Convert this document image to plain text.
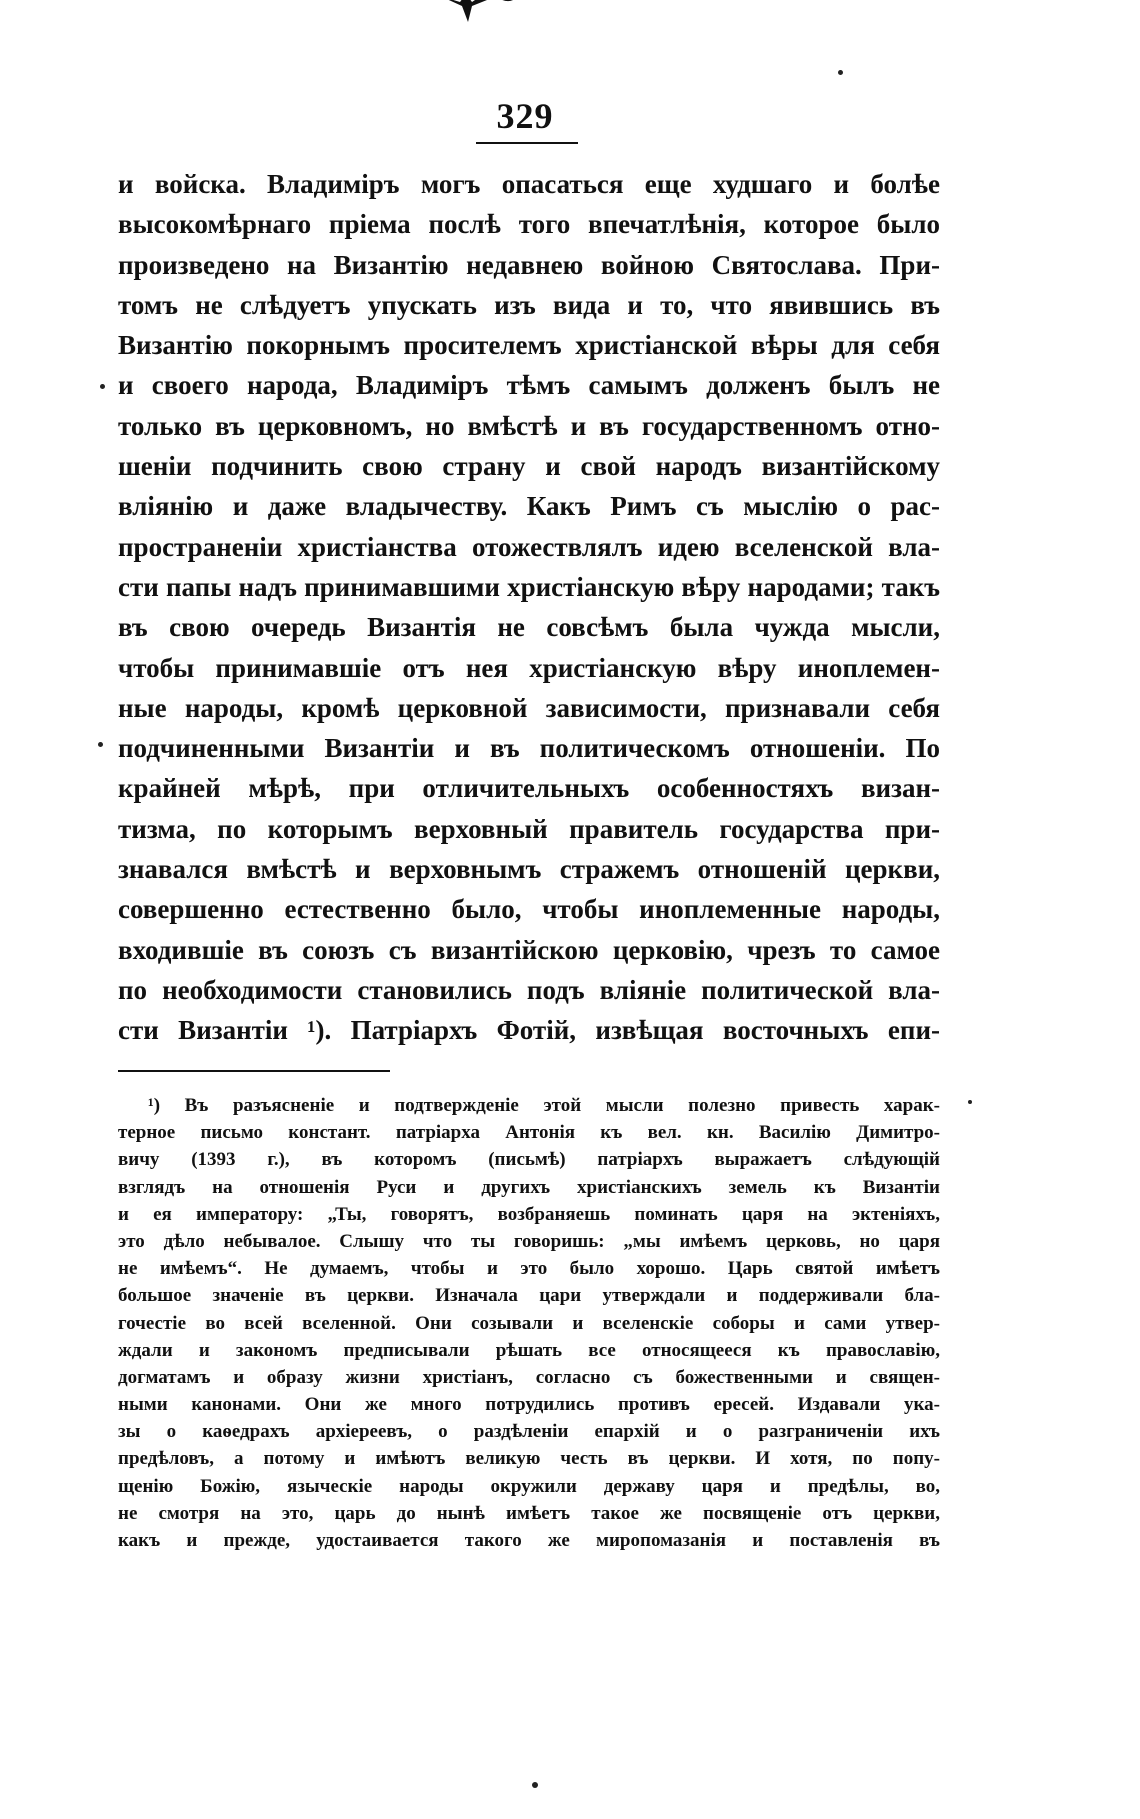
329
и войска. Владиміръ могъ опасаться еще худшаго и болѣе
высокомѣрнаго пріема послѣ того впечатлѣнія, которое было
произведено на Византію недавнею войною Святослава. При-
томъ не слѣдуетъ упускать изъ вида и то, что явившись въ
Византію покорнымъ просителемъ христіанской вѣры для себя
и своего народа, Владиміръ тѣмъ самымъ долженъ былъ не
только въ церковномъ, но вмѣстѣ и въ государственномъ отно-
шеніи подчинить свою страну и свой народъ византійскому
вліянію и даже владычеству. Какъ Римъ съ мыслію о рас-
пространеніи христіанства отожествлялъ идею вселенской вла-
сти папы надъ принимавшими христіанскую вѣру народами; такъ
въ свою очередь Византія не совсѣмъ была чужда мысли,
чтобы принимавшіе отъ нея христіанскую вѣру иноплемен-
ные народы, кромѣ церковной зависимости, признавали себя
подчиненными Византіи и въ политическомъ отношеніи. По
крайней мѣрѣ, при отличительныхъ особенностяхъ визан-
тизма, по которымъ верховный правитель государства при-
знавался вмѣстѣ и верховнымъ стражемъ отношеній церкви,
совершенно естественно было, чтобы иноплеменные народы,
входившіе въ союзъ съ византійскою церковію, чрезъ то самое
по необходимости становились подъ вліяніе политической вла-
сти Византіи ¹). Патріархъ Фотій, извѣщая восточныхъ епи-
¹) Въ разъясненіе и подтвержденіе этой мысли полезно привесть харак-
терное письмо констант. патріарха Антонія къ вел. кн. Василію Димитро-
вичу (1393 г.), въ которомъ (письмѣ) патріархъ выражаетъ слѣдующій
взглядъ на отношенія Руси и другихъ христіанскихъ земель къ Византіи
и ея императору: „Ты, говорятъ, возбраняешь поминать царя на эктеніяхъ,
это дѣло небывалое. Слышу что ты говоришь: „мы имѣемъ церковь, но царя
не имѣемъ“. Не думаемъ, чтобы и это было хорошо. Царь святой имѣетъ
большое значеніе въ церкви. Изначала цари утверждали и поддерживали бла-
гочестіе во всей вселенной. Они созывали и вселенскіе соборы и сами утвер-
ждали и закономъ предписывали рѣшать все относящееся къ православію,
догматамъ и образу жизни христіанъ, согласно съ божественными и священ-
ными канонами. Они же много потрудились противъ ересей. Издавали ука-
зы о каѳедрахъ архіереевъ, о раздѣленіи епархій и о разграниченіи ихъ
предѣловъ, а потому и имѣютъ великую честь въ церкви. И хотя, по попу-
щенію Божію, языческіе народы окружили державу царя и предѣлы, во,
не смотря на это, царь до нынѣ имѣетъ такое же посвященіе отъ церкви,
какъ и прежде, удостаивается такого же миропомазанія и поставленія въ
